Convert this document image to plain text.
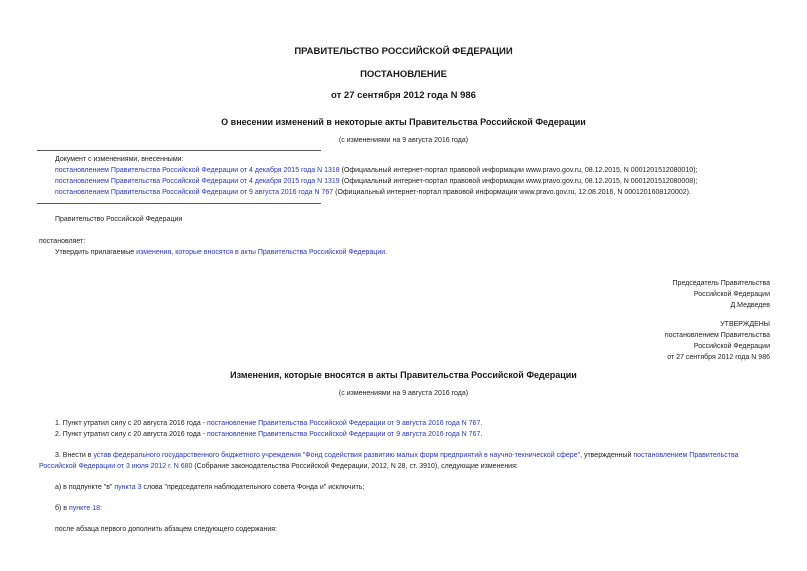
ПРАВИТЕЛЬСТВО РОССИЙСКОЙ ФЕДЕРАЦИИ
ПОСТАНОВЛЕНИЕ
от 27 сентября 2012 года N 986
О внесении изменений в некоторые акты Правительства Российской Федерации
(с изменениями на 9 августа 2016 года)
Документ с изменениями, внесенными:
постановлением Правительства Российской Федерации от 4 декабря 2015 года N 1318 (Официальный интернет-портал правовой информации www.pravo.gov.ru, 08.12.2015, N 0001201512080010);
постановлением Правительства Российской Федерации от 4 декабря 2015 года N 1319 (Официальный интернет-портал правовой информации www.pravo.gov.ru, 08.12.2015, N 0001201512080008);
постановлением Правительства Российской Федерации от 9 августа 2016 года N 767 (Официальный интернет-портал правовой информации www.pravo.gov.ru, 12.08.2016, N 0001201608120002).
Правительство Российской Федерации
постановляет:
Утвердить прилагаемые изменения, которые вносятся в акты Правительства Российской Федерации.
Председатель Правительства
Российской Федерации
Д.Медведев
УТВЕРЖДЕНЫ
постановлением Правительства
Российской Федерации
от 27 сентября 2012 года N 986
Изменения, которые вносятся в акты Правительства Российской Федерации
(с изменениями на 9 августа 2016 года)
1. Пункт утратил силу с 20 августа 2016 года - постановление Правительства Российской Федерации от 9 августа 2016 года N 767.
2. Пункт утратил силу с 20 августа 2016 года - постановление Правительства Российской Федерации от 9 августа 2016 года N 767.
3. Внести в устав федерального государственного бюджетного учреждения "Фонд содействия развитию малых форм предприятий в научно-технической сфере", утвержденный постановлением Правительства
Российской Федерации от 3 июля 2012 г. N 680 (Собрание законодательства Российской Федерации, 2012, N 28, ст. 3910), следующие изменения:
а) в подпункте "в" пункта 3 слова "председателя наблюдательного совета Фонда и" исключить;
б) в пункте 18:
после абзаца первого дополнить абзацем следующего содержания:
